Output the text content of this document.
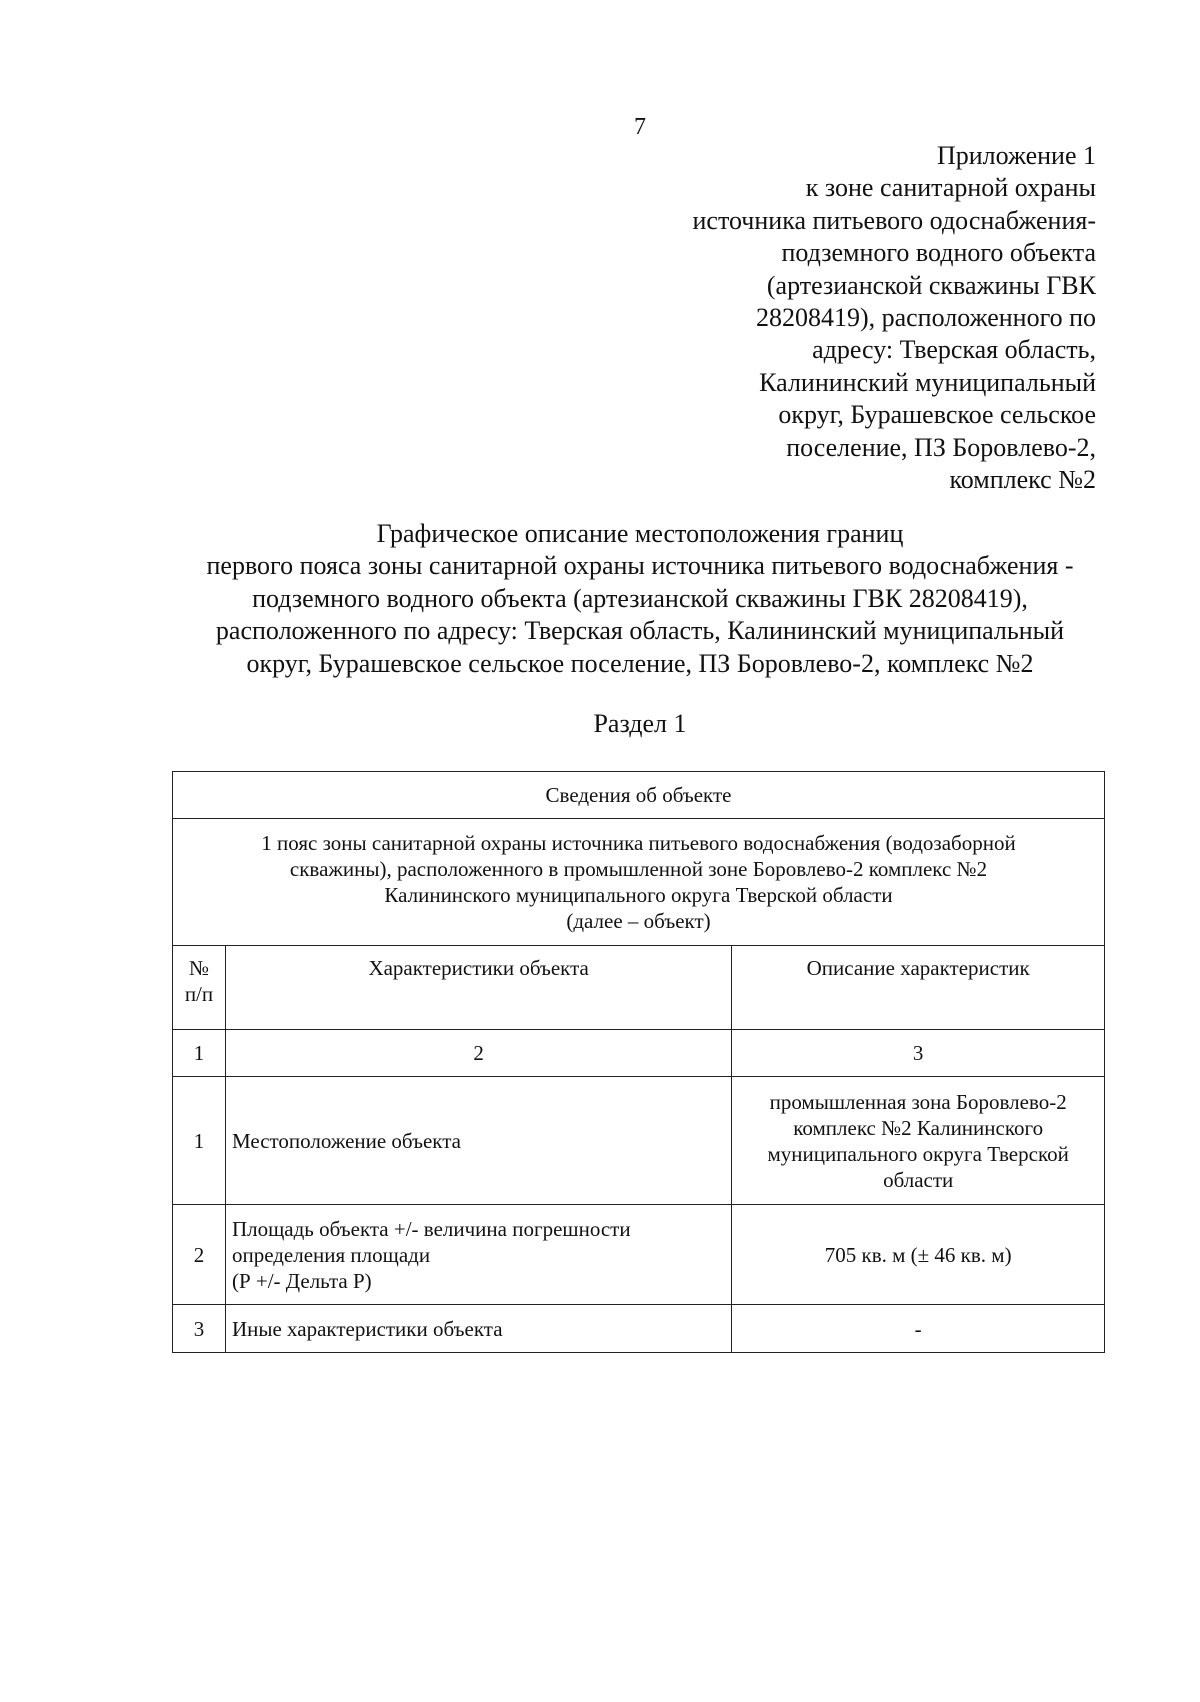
7
Приложение 1
к зоне санитарной охраны
источника питьевого одоснабжения-
подземного водного объекта
(артезианской скважины ГВК
28208419), расположенного по
адресу: Тверская область,
Калининский муниципальный
округ, Бурашевское сельское
поселение, ПЗ Боровлево-2,
комплекс №2
Графическое описание местоположения границ
первого пояса зоны санитарной охраны источника питьевого водоснабжения -
подземного водного объекта (артезианской скважины ГВК 28208419),
расположенного по адресу: Тверская область, Калининский муниципальный
округ, Бурашевское сельское поселение, ПЗ Боровлево-2, комплекс №2
Раздел 1
Сведения об объекте		

1 пояс зоны санитарной охраны источника питьевого водоснабжения (водозаборной
скважины), расположенного в промышленной зоне Боровлево-2 комплекс №2
Калининского муниципального округа Тверской области
(далее – объект)		

№
п/п	Характеристики объекта	Описание характеристик
1	2	3
1	Местоположение объекта	промышленная зона Боровлево-2
комплекс №2 Калининского
муниципального округа Тверской
области

2	Площадь объекта +/- величина погрешности
определения площади
(Р +/- Дельта Р)	705 кв. м (± 46 кв. м)

3	Иные характеристики объекта	-
